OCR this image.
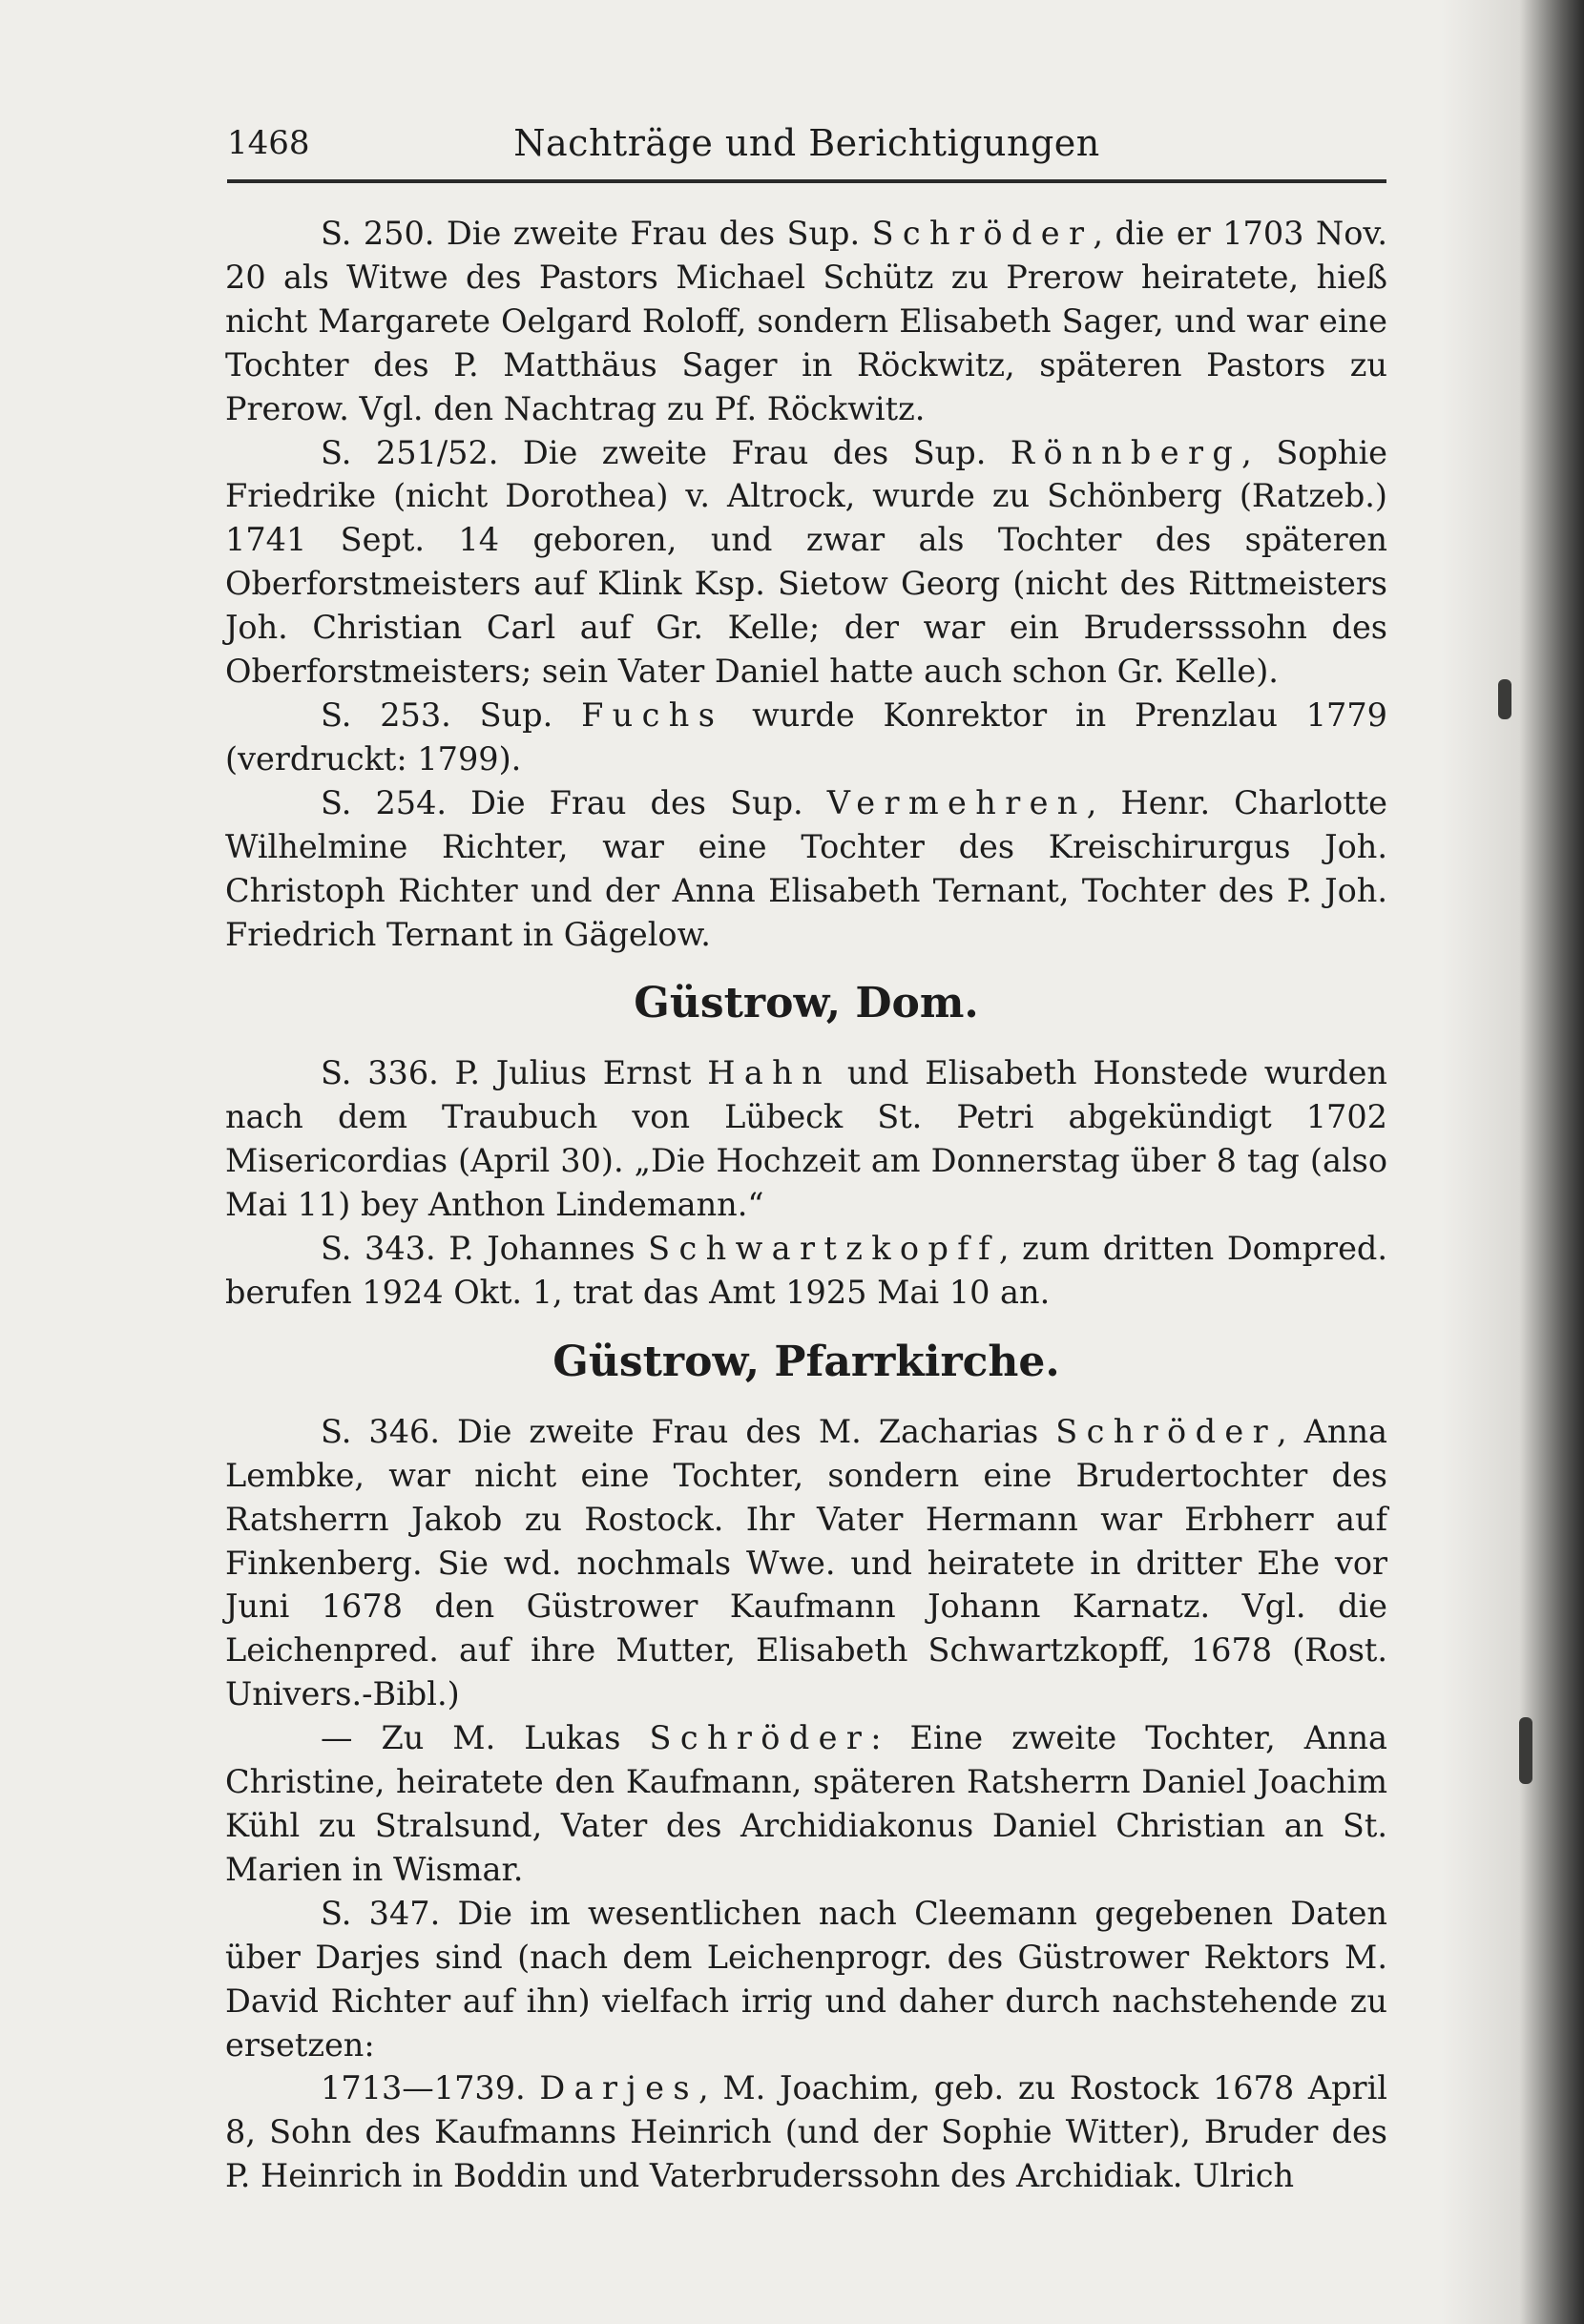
1468	Nachträge und Berichtigungen

S. 250. Die zweite Frau des Sup. Schröder, die er 1703 Nov. 20 als Witwe des Pastors Michael Schütz zu Prerow heiratete, hieß nicht Margarete Oelgard Roloff, sondern Elisabeth Sager, und war eine Tochter des P. Matthäus Sager in Röckwitz, späteren Pastors zu Prerow. Vgl. den Nachtrag zu Pf. Röckwitz.

S. 251/52. Die zweite Frau des Sup. Rönnberg, Sophie Friedrike (nicht Dorothea) v. Altrock, wurde zu Schönberg (Ratzeb.) 1741 Sept. 14 geboren, und zwar als Tochter des späteren Oberforstmeisters auf Klink Ksp. Sietow Georg (nicht des Rittmeisters Joh. Christian Carl auf Gr. Kelle; der war ein Brudersssohn des Oberforstmeisters; sein Vater Daniel hatte auch schon Gr. Kelle).

S. 253. Sup. Fuchs wurde Konrektor in Prenzlau 1779 (verdruckt: 1799).

S. 254. Die Frau des Sup. Vermehren, Henr. Charlotte Wilhelmine Richter, war eine Tochter des Kreischirurgus Joh. Christoph Richter und der Anna Elisabeth Ternant, Tochter des P. Joh. Friedrich Ternant in Gägelow.

Güstrow, Dom.

S. 336. P. Julius Ernst Hahn und Elisabeth Honstede wurden nach dem Traubuch von Lübeck St. Petri abgekündigt 1702 Misericordias (April 30). „Die Hochzeit am Donnerstag über 8 tag (also Mai 11) bey Anthon Lindemann.“

S. 343. P. Johannes Schwartzkopff, zum dritten Dompred. berufen 1924 Okt. 1, trat das Amt 1925 Mai 10 an.

Güstrow, Pfarrkirche.

S. 346. Die zweite Frau des M. Zacharias Schröder, Anna Lembke, war nicht eine Tochter, sondern eine Brudertochter des Ratsherrn Jakob zu Rostock. Ihr Vater Hermann war Erbherr auf Finkenberg. Sie wd. nochmals Wwe. und heiratete in dritter Ehe vor Juni 1678 den Güstrower Kaufmann Johann Karnatz. Vgl. die Leichenpred. auf ihre Mutter, Elisabeth Schwartzkopff, 1678 (Rost. Univers.-Bibl.)

— Zu M. Lukas Schröder: Eine zweite Tochter, Anna Christine, heiratete den Kaufmann, späteren Ratsherrn Daniel Joachim Kühl zu Stralsund, Vater des Archidiakonus Daniel Christian an St. Marien in Wismar.

S. 347. Die im wesentlichen nach Cleemann gegebenen Daten über Darjes sind (nach dem Leichenprogr. des Güstrower Rektors M. David Richter auf ihn) vielfach irrig und daher durch nachstehende zu ersetzen:

1713—1739. Darjes, M. Joachim, geb. zu Rostock 1678 April 8, Sohn des Kaufmanns Heinrich (und der Sophie Witter), Bruder des P. Heinrich in Boddin und Vaterbruderssohn des Archidiak. Ulrich
